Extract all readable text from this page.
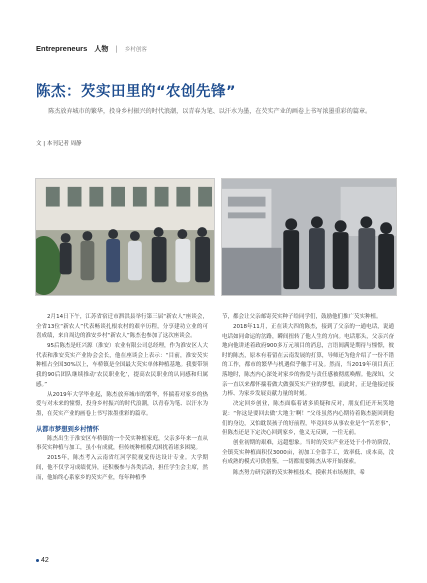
Entrepreneurs 人物 | 乡村创客
陈杰：芡实田里的“农创先锋”

陈杰放弃城市的繁华，投身乡村振兴的时代浪潮，以青春为笔、以汗水为墨，在芡实产业的画卷上书写浓墨重彩的篇章。

文 | 本刊记者 周静

2月14日下午，江苏省宿迁市泗洪县举行第三届“新农人”座谈会，全省13位“新农人”代表畅谈扎根农村的艰辛历程，分享建功立业的可喜成绩，来自周边的淮安乡村“新农人”陈杰也参加了这次座谈会。

95后陈杰是旺兴源（淮安）农业有限公司总经理，作为淮安区人大代表和淮安芡实产业协会会长，他在座谈会上表示：“目前，淮安芡实种植占全国30%以上，车桥镇是全国最大芡实单体种植基地。我要带领我的90后团队继续推动‘农民职业化’，提高农民职业的认同感和归属感。”

从2019年大学毕业起，陈杰放弃城市的繁华，怀揣着对家乡的热爱与对未来的憧憬，投身乡村振兴的时代浪潮，以青春为笔、以汗水为墨，在芡实产业的画卷上书写浓墨重彩的篇章。

从都市梦想到乡村情怀

陈杰出生于淮安区车桥镇的一个芡实种植家庭，父亲多年来一直从事芡实种植与加工，虽小有成就，但传统种植模式困扰着诸多困境。

2015年，陈杰考入云南省红河学院视觉传达设计专业。大学期间，他不仅学习成绩优异，还积极参与各类活动，担任学生会主席，然而，他始终心系家乡的芡实产业，每年种植季

节，都会让父亲邮寄芡实种子给同学们，鼓励他们推广芡实种植。

2018年11月，正在读大四的陈杰，接到了父亲的一通电话，说通电话如同命运的岔路，瞬间扭转了他人生的方向。电话那头，父亲兴奋地向他讲述着政府900多万元项目的消息，言语间满是期待与憧憬，彼时的陈杰，原本有着留在云南发展的打算，导师还为他介绍了一份不错的工作，都市的繁华与机遇似乎触手可及。然而，当2019年项目真正落地时，陈杰内心深处对家乡的热爱与责任感被彻底唤醒。他深知，父亲一直以来都怀揣着做大做强芡实产业的梦想，而此时，正是他接过接力棒、为家乡发展贡献力量的时刻。

决定回乡创业，陈杰面临着诸多质疑和反对，朋友们还开玩笑地说：“你这是要回去做‘大地主’啊！”父母虽然内心期待着陈杰能回到他们的身边，又怕耽误孩子的好前程，毕竟回乡从事农业是个“苦差事”，但陈杰还是下定决心回到家乡，他义无反顾，一往无前。

创业初期的艰难，远超想象。当时的芡实产业还处于小作坊阶段，全镇芡实种植面积仅3000亩，初加工全靠手工，效率低、成本高，没有成熟的模式可供借鉴，一切都需要陈杰从零开始探索。

陈杰努力研究新的芡实种植技术，摸索其市场规律，希

42
